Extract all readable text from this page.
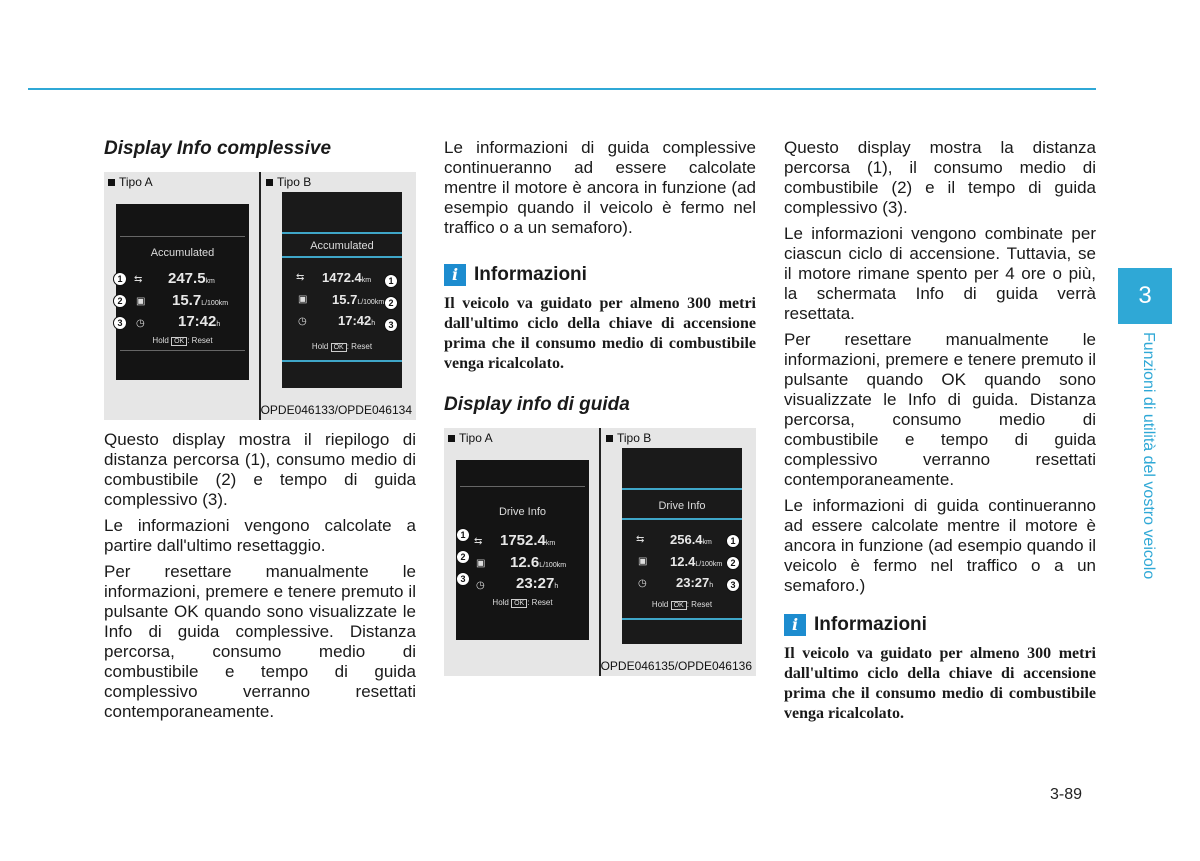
Display Info complessive
Tipo A	Tipo B
Accumulated
⇆ 247.5km
▣ 15.7L/100km
◷ 17:42h
Hold OK : Reset
1
2
3
Accumulated
⇆ 1472.4km
▣ 15.7L/100km
◷ 17:42h
Hold OK : Reset
1
2
3
OPDE046133/OPDE046134

Questo display mostra il riepilogo di distanza percorsa (1), consumo medio di combustibile (2) e tempo di guida complessivo (3).

Le informazioni vengono calcolate a partire dall'ultimo resettaggio.

Per resettare manualmente le informazioni, premere e tenere premuto il pulsante OK quando sono visualizzate le Info di guida complessive. Distanza percorsa, consumo medio di combustibile e tempo di guida complessivo verranno resettati contemporaneamente.

Le informazioni di guida complessive continueranno ad essere calcolate mentre il motore è ancora in funzione (ad esempio quando il veicolo è fermo nel traffico o a un semaforo).

i Informazioni

Il veicolo va guidato per almeno 300 metri dall'ultimo ciclo della chiave di accensione prima che il consumo medio di combustibile venga ricalcolato.

Display info di guida
Tipo A	Tipo B
Drive Info
⇆ 1752.4km
▣ 12.6L/100km
◷ 23:27h
Hold OK : Reset
1
2
3
Drive Info
⇆ 256.4km
▣ 12.4L/100km
◷ 23:27h
Hold OK : Reset
1
2
3
OPDE046135/OPDE046136

Questo display mostra la distanza percorsa (1), il consumo medio di combustibile (2) e il tempo di guida complessivo (3).

Le informazioni vengono combinate per ciascun ciclo di accensione. Tuttavia, se il motore rimane spento per 4 ore o più, la schermata Info di guida verrà resettata.

Per resettare manualmente le informazioni, premere e tenere premuto il pulsante quando OK quando sono visualizzate le Info di guida. Distanza percorsa, consumo medio di combustibile e tempo di guida complessivo verranno resettati contemporaneamente.

Le informazioni di guida continueranno ad essere calcolate mentre il motore è ancora in funzione (ad esempio quando il veicolo è fermo nel traffico o a un semaforo.)

i Informazioni

Il veicolo va guidato per almeno 300 metri dall'ultimo ciclo della chiave di accensione prima che il consumo medio di combustibile venga ricalcolato.

3
Funzioni di utilità del vostro veicolo
3-89
